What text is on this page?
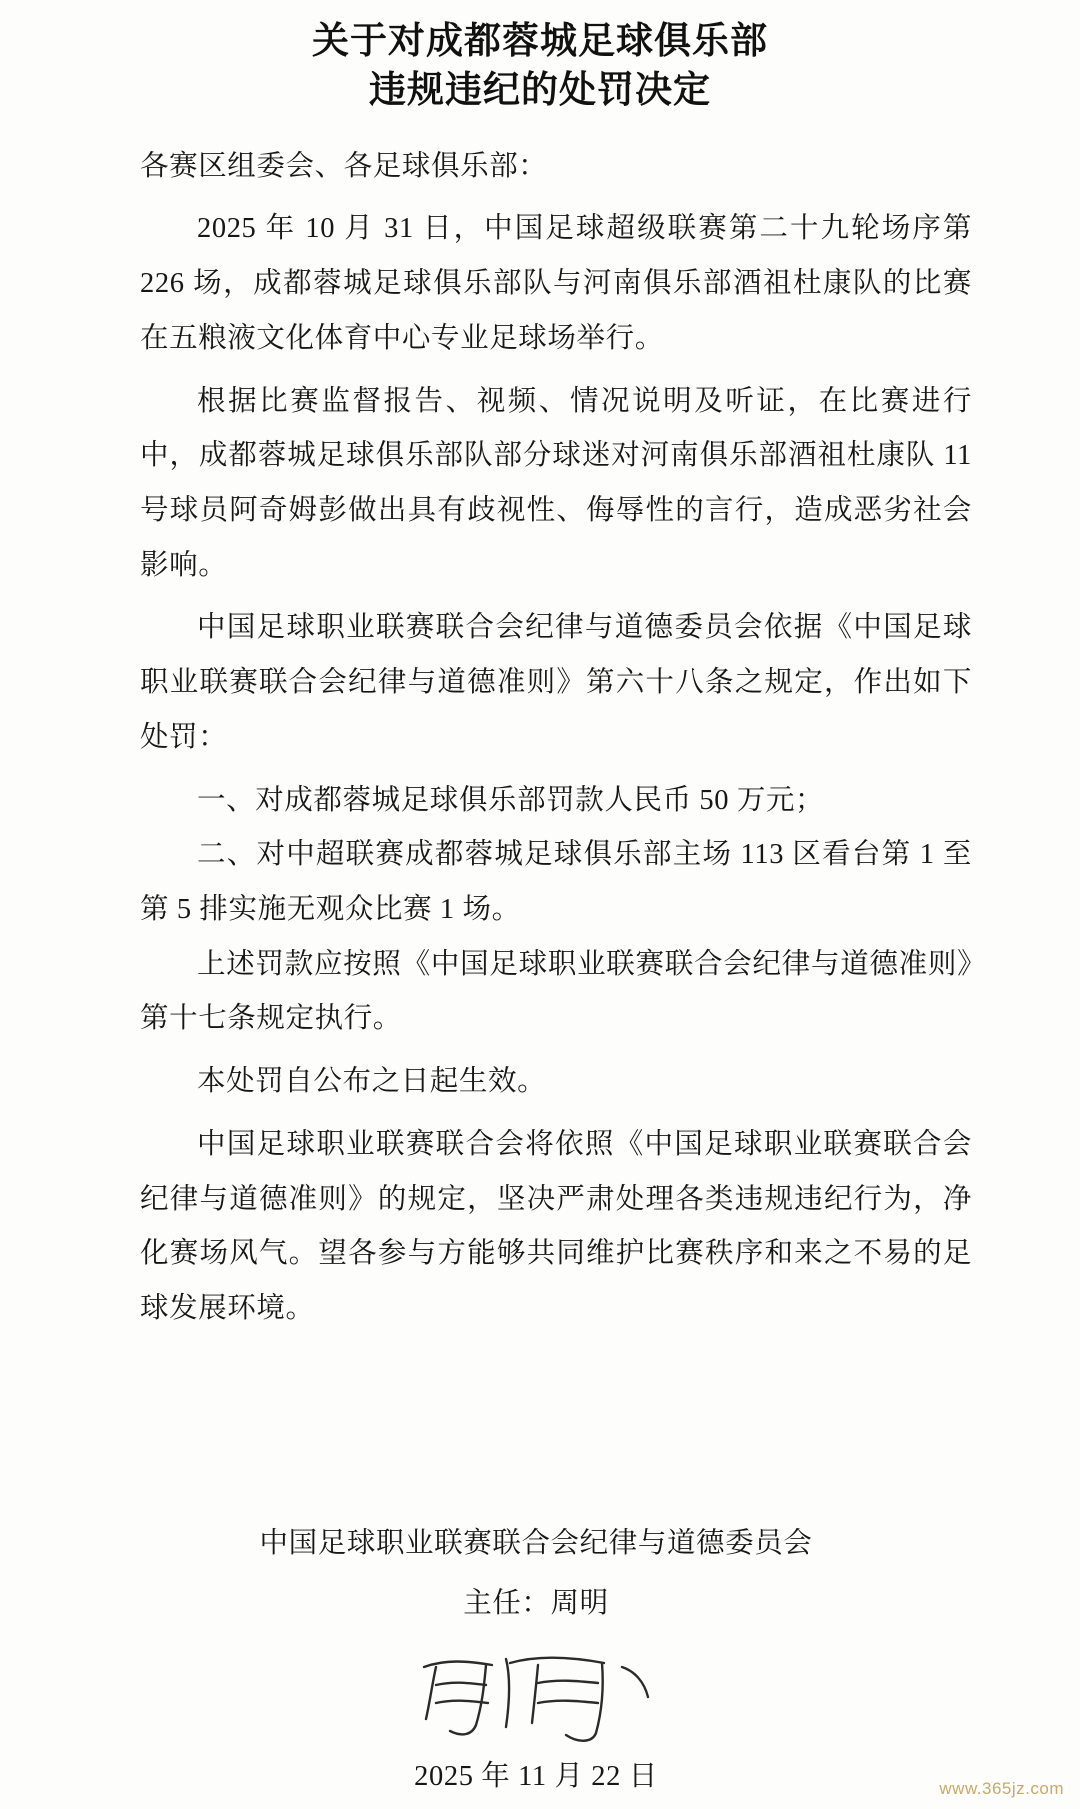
关于对成都蓉城足球俱乐部
违规违纪的处罚决定

各赛区组委会、各足球俱乐部：

2025 年 10 月 31 日，中国足球超级联赛第二十九轮场序第 226 场，成都蓉城足球俱乐部队与河南俱乐部酒祖杜康队的比赛在五粮液文化体育中心专业足球场举行。

根据比赛监督报告、视频、情况说明及听证，在比赛进行中，成都蓉城足球俱乐部队部分球迷对河南俱乐部酒祖杜康队 11 号球员阿奇姆彭做出具有歧视性、侮辱性的言行，造成恶劣社会影响。

中国足球职业联赛联合会纪律与道德委员会依据《中国足球职业联赛联合会纪律与道德准则》第六十八条之规定，作出如下处罚：

一、对成都蓉城足球俱乐部罚款人民币 50 万元；

二、对中超联赛成都蓉城足球俱乐部主场 113 区看台第 1 至第 5 排实施无观众比赛 1 场。

上述罚款应按照《中国足球职业联赛联合会纪律与道德准则》第十七条规定执行。

本处罚自公布之日起生效。

中国足球职业联赛联合会将依照《中国足球职业联赛联合会纪律与道德准则》的规定，坚决严肃处理各类违规违纪行为，净化赛场风气。望各参与方能够共同维护比赛秩序和来之不易的足球发展环境。

中国足球职业联赛联合会纪律与道德委员会
主任：周明
2025 年 11 月 22 日	www.365jz.com
